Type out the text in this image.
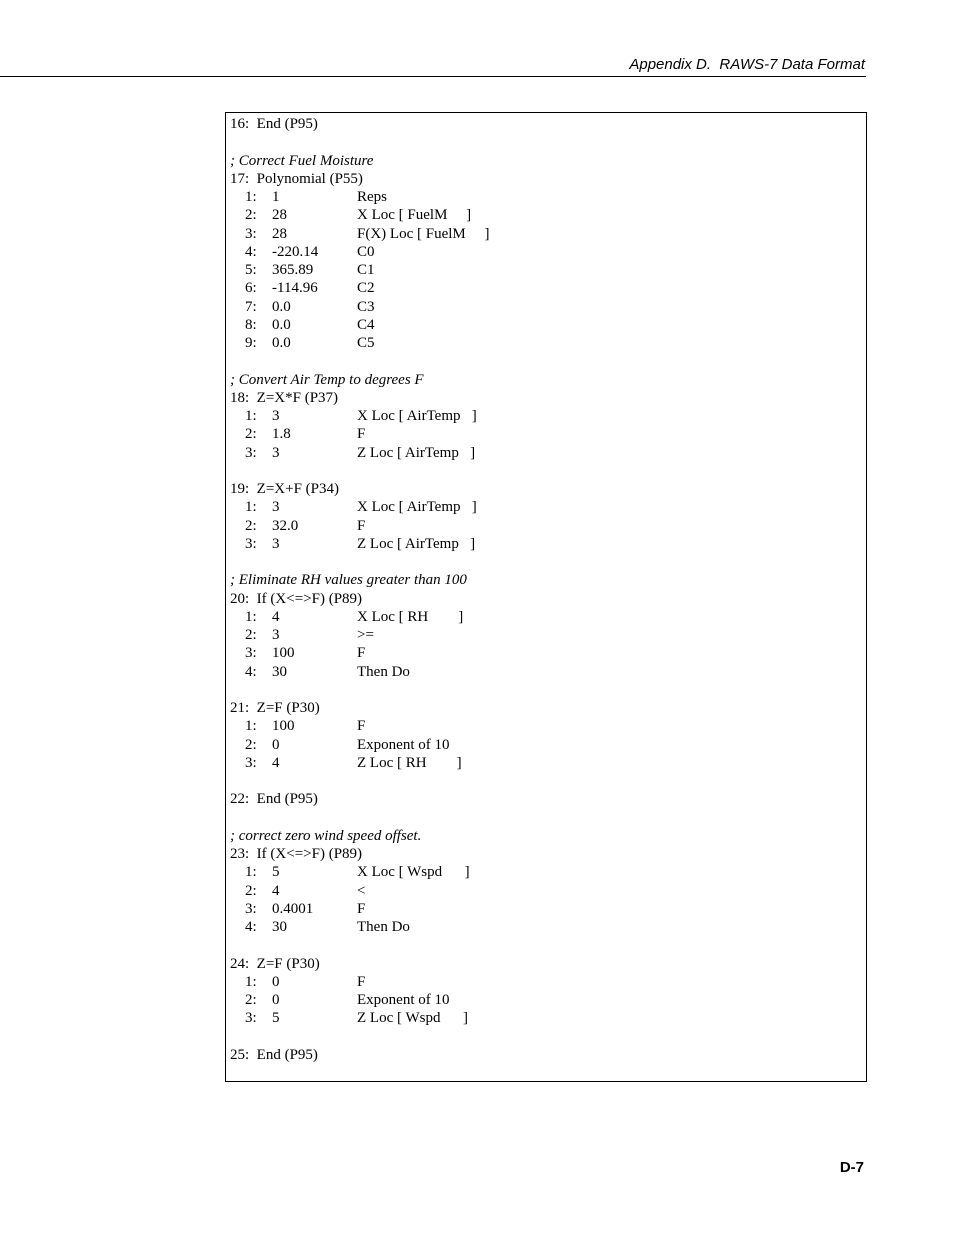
Appendix D.  RAWS-7 Data Format
16:  End (P95)
; Correct Fuel Moisture
17:  Polynomial (P55)
1: 1	Reps
2: 28	X Loc [ FuelM     ]
3: 28	F(X) Loc [ FuelM     ]
4: -220.14	C0
5: 365.89	C1
6: -114.96	C2
7: 0.0	C3
8: 0.0	C4
9: 0.0	C5
; Convert Air Temp to degrees F
18:  Z=X*F (P37)
1: 3	X Loc [ AirTemp   ]
2: 1.8	F
3: 3	Z Loc [ AirTemp   ]
19:  Z=X+F (P34)
1: 3	X Loc [ AirTemp   ]
2: 32.0	F
3: 3	Z Loc [ AirTemp   ]
; Eliminate RH values greater than 100
20:  If (X<=>F) (P89)
1: 4	X Loc [ RH        ]
2: 3	>=
3: 100	F
4: 30	Then Do
21:  Z=F (P30)
1: 100	F
2: 0	Exponent of 10
3: 4	Z Loc [ RH        ]
22:  End (P95)
; correct zero wind speed offset.
23:  If (X<=>F) (P89)
1: 5	X Loc [ Wspd      ]
2: 4	<
3: 0.4001	F
4: 30	Then Do
24:  Z=F (P30)
1: 0	F
2: 0	Exponent of 10
3: 5	Z Loc [ Wspd      ]
25:  End (P95)
D-7
